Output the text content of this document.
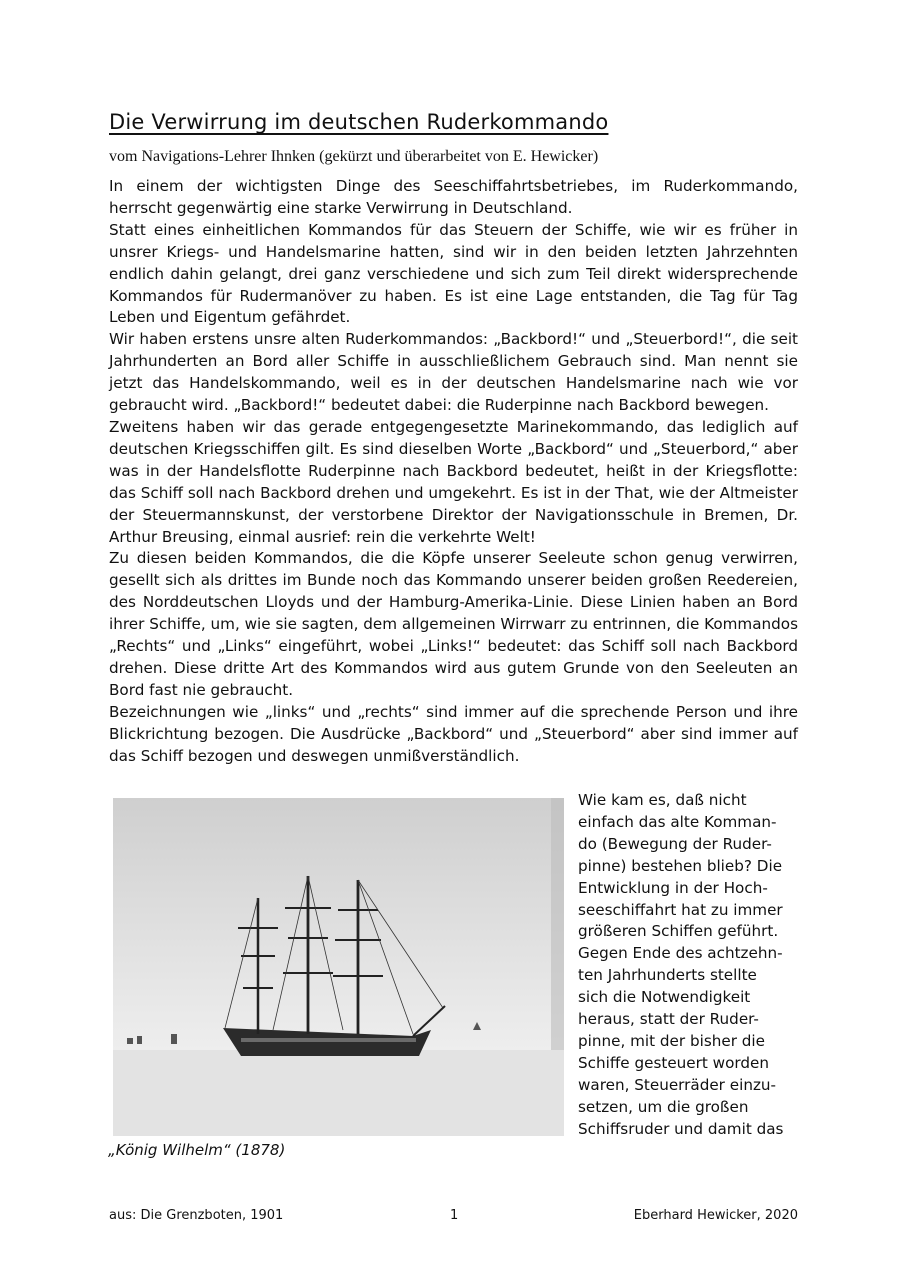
Die Verwirrung im deutschen Ruderkommando
vom Navigations-Lehrer Ihnken (gekürzt und überarbeitet von E. Hewicker)

In einem der wichtigsten Dinge des Seeschiffahrtsbetriebes, im Ruderkommando, herrscht gegenwärtig eine starke Verwirrung in Deutschland.

Statt eines einheitlichen Kommandos für das Steuern der Schiffe, wie wir es früher in unsrer Kriegs- und Handelsmarine hatten, sind wir in den beiden letzten Jahrzehnten endlich dahin gelangt, drei ganz verschiedene und sich zum Teil direkt widersprechende Kommandos für Rudermanöver zu haben. Es ist eine Lage entstanden, die Tag für Tag Leben und Eigentum gefährdet.

Wir haben erstens unsre alten Ruderkommandos: „Backbord!“ und „Steuerbord!“, die seit Jahrhunderten an Bord aller Schiffe in ausschließlichem Gebrauch sind. Man nennt sie jetzt das Handelskommando, weil es in der deutschen Handelsmarine nach wie vor gebraucht wird. „Backbord!“ bedeutet dabei: die Ruderpinne nach Backbord bewegen.

Zweitens haben wir das gerade entgegengesetzte Marinekommando, das lediglich auf deutschen Kriegsschiffen gilt. Es sind dieselben Worte „Backbord“ und „Steuerbord,“ aber was in der Handelsflotte Ruderpinne nach Backbord bedeutet, heißt in der Kriegsflotte: das Schiff soll nach Backbord drehen und umgekehrt. Es ist in der That, wie der Altmeister der Steuermannskunst, der verstorbene Direktor der Navigationsschule in Bremen, Dr. Arthur Breusing, einmal ausrief: rein die verkehrte Welt!

Zu diesen beiden Kommandos, die die Köpfe unserer Seeleute schon genug verwirren, gesellt sich als drittes im Bunde noch das Kommando unserer beiden großen Reedereien, des Norddeutschen Lloyds und der Hamburg-Amerika-Linie. Diese Linien haben an Bord ihrer Schiffe, um, wie sie sagten, dem allgemeinen Wirrwarr zu entrinnen, die Kommandos „Rechts“ und „Links“ eingeführt, wobei „Links!“ bedeutet: das Schiff soll nach Backbord drehen. Diese dritte Art des Kommandos wird aus gutem Grunde von den Seeleuten an Bord fast nie gebraucht.

Bezeichnungen wie „links“ und „rechts“ sind immer auf die sprechende Person und ihre Blickrichtung bezogen. Die Ausdrücke „Backbord“ und „Steuerbord“ aber sind immer auf das Schiff bezogen und deswegen unmißverständlich.

Wie kam es, daß nicht
einfach das alte Komman-
do (Bewegung der Ruder-
pinne) bestehen blieb? Die
Entwicklung in der Hoch-
seeschiffahrt hat zu immer
größeren Schiffen geführt.
Gegen Ende des achtzehn-
ten Jahrhunderts stellte
sich die Notwendigkeit
heraus, statt der Ruder-
pinne, mit der bisher die
Schiffe gesteuert worden
waren, Steuerräder einzu-
setzen, um die großen
Schiffsruder und damit das
„König Wilhelm“ (1878)
aus: Die Grenzboten, 1901	1	Eberhard Hewicker, 2020
